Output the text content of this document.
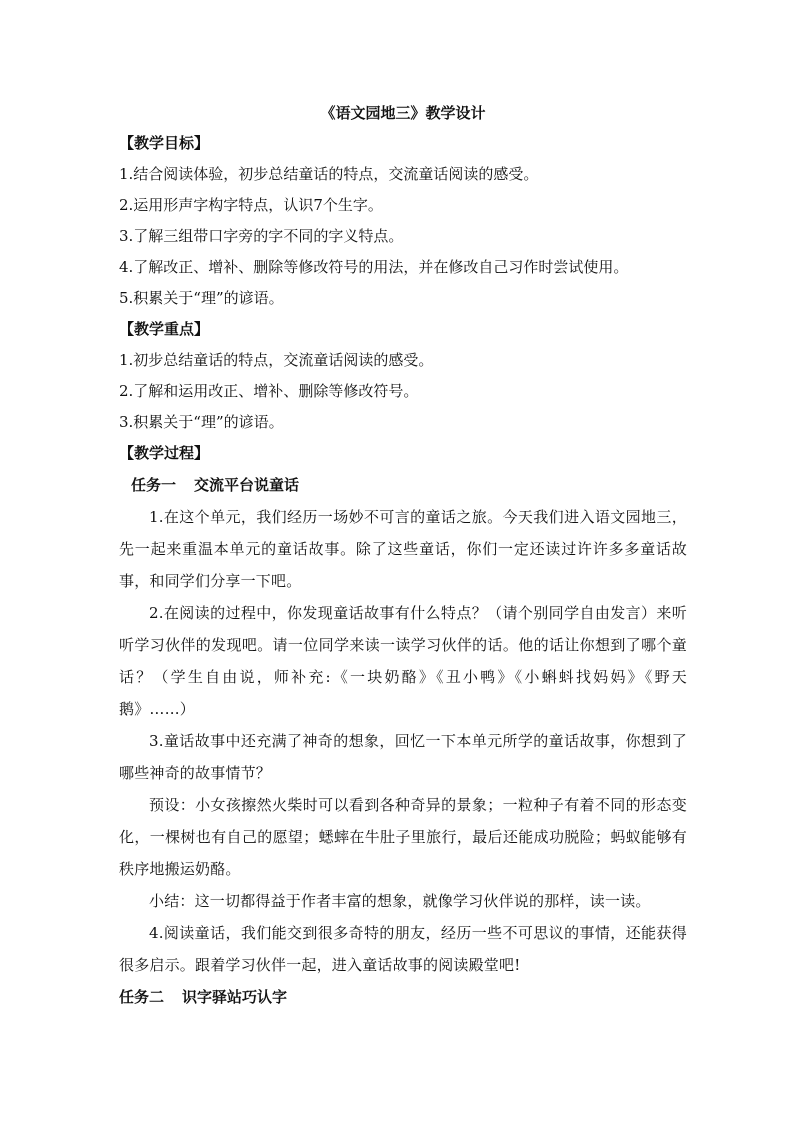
《语文园地三》教学设计

【教学目标】

1.结合阅读体验，初步总结童话的特点，交流童话阅读的感受。

2.运用形声字构字特点，认识7个生字。

3.了解三组带口字旁的字不同的字义特点。

4.了解改正、增补、删除等修改符号的用法，并在修改自己习作时尝试使用。

5.积累关于“理”的谚语。

【教学重点】

1.初步总结童话的特点，交流童话阅读的感受。

2.了解和运用改正、增补、删除等修改符号。

3.积累关于“理”的谚语。

【教学过程】

任务一 交流平台说童话

1.在这个单元，我们经历一场妙不可言的童话之旅。今天我们进入语文园地三，先一起来重温本单元的童话故事。除了这些童话，你们一定还读过许许多多童话故事，和同学们分享一下吧。

2.在阅读的过程中，你发现童话故事有什么特点？（请个别同学自由发言）来听听学习伙伴的发现吧。请一位同学来读一读学习伙伴的话。他的话让你想到了哪个童话？（学生自由说，师补充:《一块奶酪》《丑小鸭》《小蝌蚪找妈妈》《野天鹅》……）

3.童话故事中还充满了神奇的想象，回忆一下本单元所学的童话故事，你想到了哪些神奇的故事情节？

预设：小女孩擦然火柴时可以看到各种奇异的景象；一粒种子有着不同的形态变化，一棵树也有自己的愿望；蟋蟀在牛肚子里旅行，最后还能成功脱险；蚂蚁能够有秩序地搬运奶酪。

小结：这一切都得益于作者丰富的想象，就像学习伙伴说的那样，读一读。

4.阅读童话，我们能交到很多奇特的朋友，经历一些不可思议的事情，还能获得很多启示。跟着学习伙伴一起，进入童话故事的阅读殿堂吧!

任务二 识字驿站巧认字
